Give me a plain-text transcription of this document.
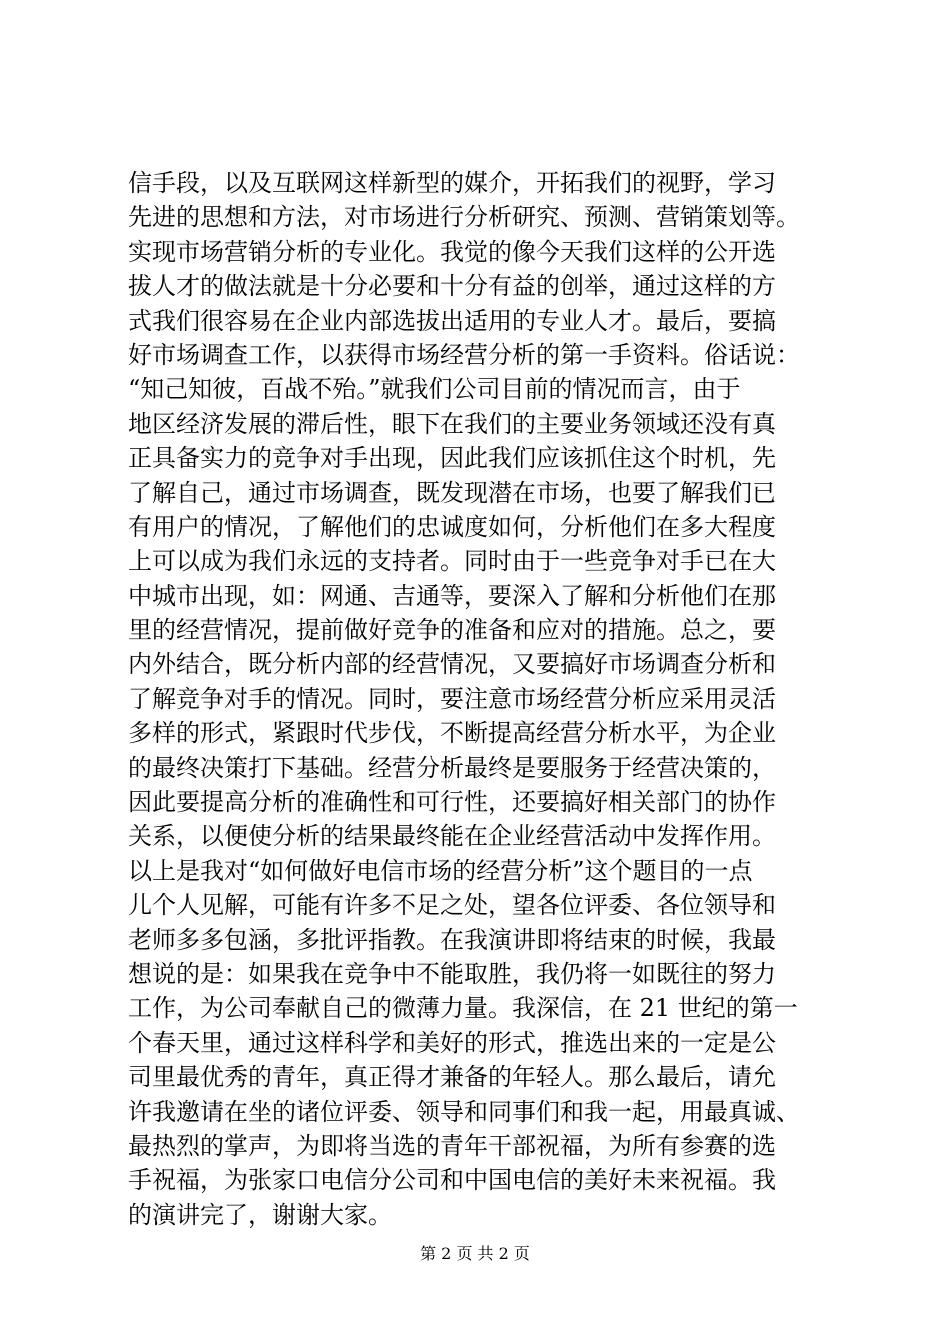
信手段，以及互联网这样新型的媒介，开拓我们的视野，学习
先进的思想和方法，对市场进行分析研究、预测、营销策划等。
实现市场营销分析的专业化。我觉的像今天我们这样的公开选
拔人才的做法就是十分必要和十分有益的创举，通过这样的方
式我们很容易在企业内部选拔出适用的专业人才。最后，要搞
好市场调查工作，以获得市场经营分析的第一手资料。俗话说：
“知己知彼，百战不殆。”就我们公司目前的情况而言，由于
地区经济发展的滞后性，眼下在我们的主要业务领域还没有真
正具备实力的竞争对手出现，因此我们应该抓住这个时机，先
了解自己，通过市场调查，既发现潜在市场，也要了解我们已
有用户的情况，了解他们的忠诚度如何，分析他们在多大程度
上可以成为我们永远的支持者。同时由于一些竞争对手已在大
中城市出现，如：网通、吉通等，要深入了解和分析他们在那
里的经营情况，提前做好竞争的准备和应对的措施。总之，要
内外结合，既分析内部的经营情况，又要搞好市场调查分析和
了解竞争对手的情况。同时，要注意市场经营分析应采用灵活
多样的形式，紧跟时代步伐，不断提高经营分析水平，为企业
的最终决策打下基础。经营分析最终是要服务于经营决策的，
因此要提高分析的准确性和可行性，还要搞好相关部门的协作
关系，以便使分析的结果最终能在企业经营活动中发挥作用。
以上是我对“如何做好电信市场的经营分析”这个题目的一点
儿个人见解，可能有许多不足之处，望各位评委、各位领导和
老师多多包涵，多批评指教。在我演讲即将结束的时候，我最
想说的是：如果我在竞争中不能取胜，我仍将一如既往的努力
工作，为公司奉献自己的微薄力量。我深信，在 21 世纪的第一
个春天里，通过这样科学和美好的形式，推选出来的一定是公
司里最优秀的青年，真正得才兼备的年轻人。那么最后，请允
许我邀请在坐的诸位评委、领导和同事们和我一起，用最真诚、
最热烈的掌声，为即将当选的青年干部祝福，为所有参赛的选
手祝福，为张家口电信分公司和中国电信的美好未来祝福。我
的演讲完了，谢谢大家。
第 2 页 共 2 页
